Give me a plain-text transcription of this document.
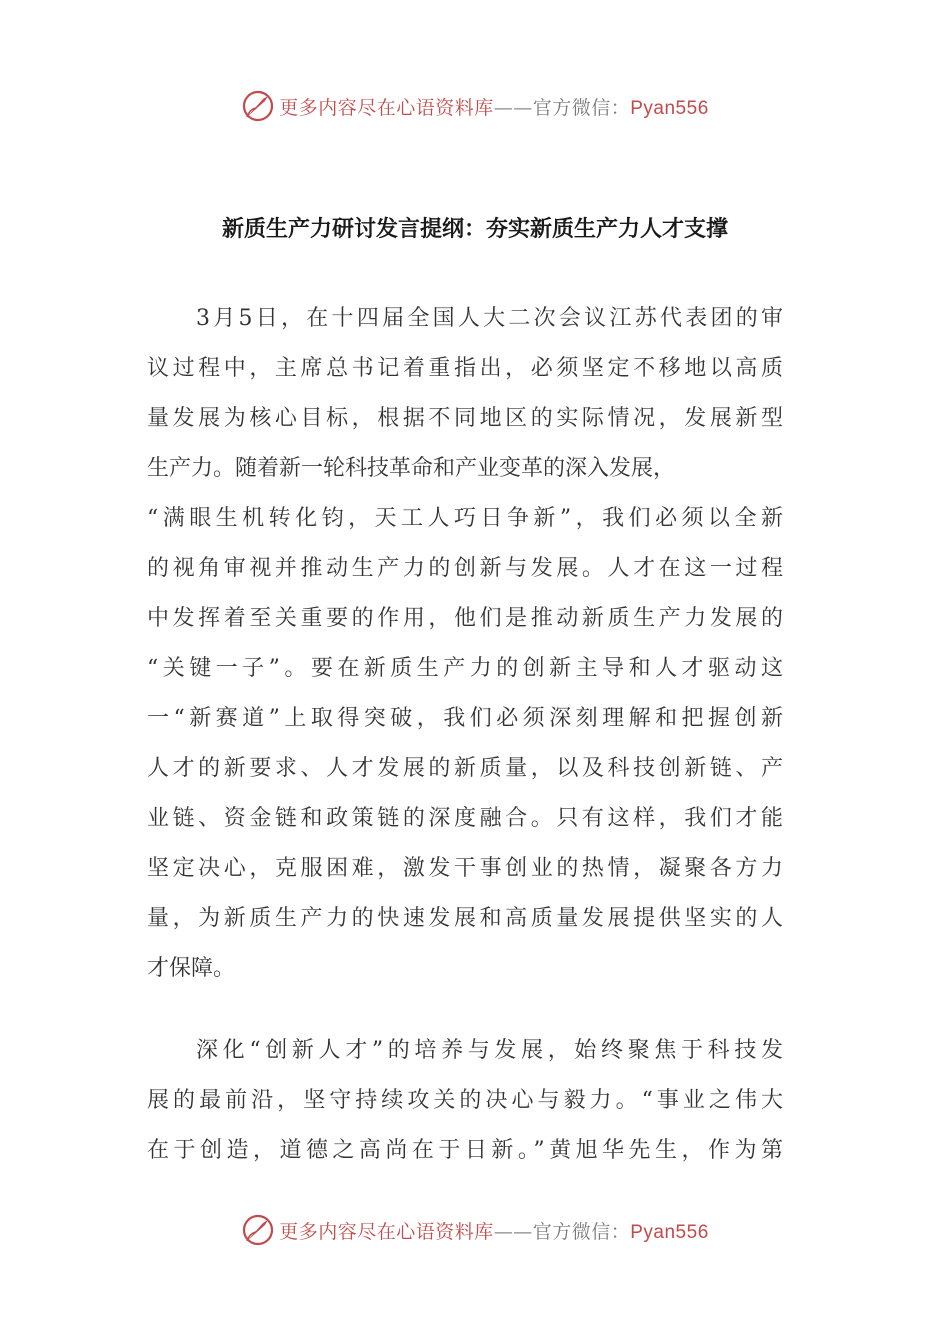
更多内容尽在心语资料库——官方微信：Pyan556
新质生产力研讨发言提纲：夯实新质生产力人才支撑
3月5日，在十四届全国人大二次会议江苏代表团的审
议过程中，主席总书记着重指出，必须坚定不移地以高质
量发展为核心目标，根据不同地区的实际情况，发展新型
生产力。随着新一轮科技革命和产业变革的深入发展，
“满眼生机转化钧，天工人巧日争新”，我们必须以全新
的视角审视并推动生产力的创新与发展。人才在这一过程
中发挥着至关重要的作用，他们是推动新质生产力发展的
“关键一子”。要在新质生产力的创新主导和人才驱动这
一“新赛道”上取得突破，我们必须深刻理解和把握创新
人才的新要求、人才发展的新质量，以及科技创新链、产
业链、资金链和政策链的深度融合。只有这样，我们才能
坚定决心，克服困难，激发干事创业的热情，凝聚各方力
量，为新质生产力的快速发展和高质量发展提供坚实的人
才保障。
深化“创新人才”的培养与发展，始终聚焦于科技发
展的最前沿，坚守持续攻关的决心与毅力。“事业之伟大
在于创造，道德之高尚在于日新。”黄旭华先生，作为第
更多内容尽在心语资料库——官方微信：Pyan556
